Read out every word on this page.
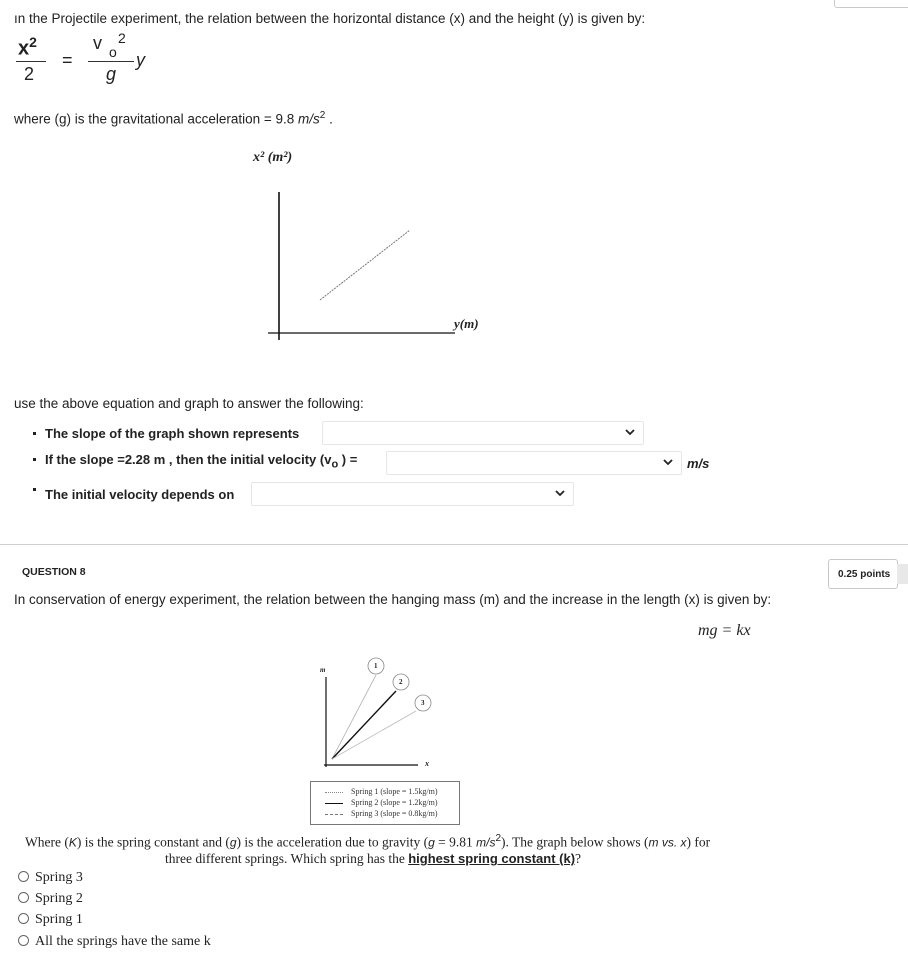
ın the Projectile experiment, the relation between the horizontal distance (x) and the height (y) is given by:
$x^2$
2
=
v o
2
g
y
where (g) is the gravitational acceleration = 9.8 $m/s^2$ .
x² (m²)
y(m)
use the above equation and graph to answer the following:
The slope of the graph shown represents
If the slope =2.28 m , then the initial velocity ($v_o$ ) =	m/s
The initial velocity depends on
QUESTION 8	0.25 points
In conservation of energy experiment, the relation between the hanging mass (m) and the increase in the length (x) is given by:
mg = kx
m	1
2
3
x
Spring 1 (slope = 1.5kg/m)
Spring 2 (slope = 1.2kg/m)
Spring 3 (slope = 0.8kg/m)
Where (K) is the spring constant and (g) is the acceleration due to gravity (g = 9.81 $m/s^2$). The graph below shows (m vs. x) for
three different springs. Which spring has the highest spring constant (k)?
Spring 3
Spring 2
Spring 1
All the springs have the same k
